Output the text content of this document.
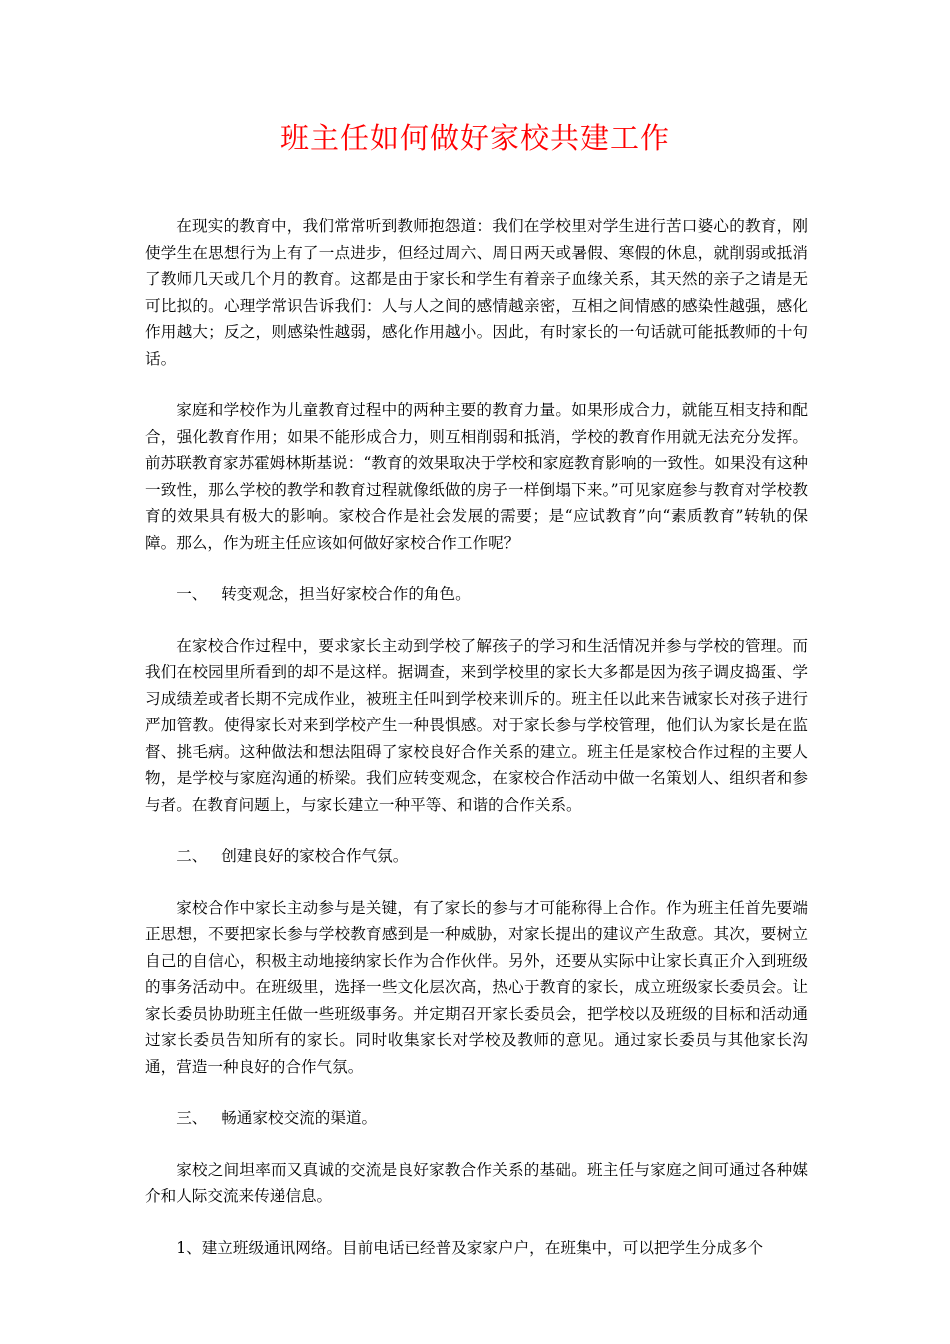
班主任如何做好家校共建工作

在现实的教育中，我们常常听到教师抱怨道：我们在学校里对学生进行苦口婆心的教育，刚使学生在思想行为上有了一点进步，但经过周六、周日两天或暑假、寒假的休息，就削弱或抵消了教师几天或几个月的教育。这都是由于家长和学生有着亲子血缘关系，其天然的亲子之请是无可比拟的。心理学常识告诉我们：人与人之间的感情越亲密，互相之间情感的感染性越强，感化作用越大；反之，则感染性越弱，感化作用越小。因此，有时家长的一句话就可能抵教师的十句话。

家庭和学校作为儿童教育过程中的两种主要的教育力量。如果形成合力，就能互相支持和配合，强化教育作用；如果不能形成合力，则互相削弱和抵消，学校的教育作用就无法充分发挥。前苏联教育家苏霍姆林斯基说：“教育的效果取决于学校和家庭教育影响的一致性。如果没有这种一致性，那么学校的教学和教育过程就像纸做的房子一样倒塌下来。”可见家庭参与教育对学校教育的效果具有极大的影响。家校合作是社会发展的需要；是“应试教育”向“素质教育”转轨的保障。那么，作为班主任应该如何做好家校合作工作呢？

一、 转变观念，担当好家校合作的角色。

在家校合作过程中，要求家长主动到学校了解孩子的学习和生活情况并参与学校的管理。而我们在校园里所看到的却不是这样。据调查，来到学校里的家长大多都是因为孩子调皮捣蛋、学习成绩差或者长期不完成作业，被班主任叫到学校来训斥的。班主任以此来告诫家长对孩子进行严加管教。使得家长对来到学校产生一种畏惧感。对于家长参与学校管理，他们认为家长是在监督、挑毛病。这种做法和想法阻碍了家校良好合作关系的建立。班主任是家校合作过程的主要人物，是学校与家庭沟通的桥梁。我们应转变观念，在家校合作活动中做一名策划人、组织者和参与者。在教育问题上，与家长建立一种平等、和谐的合作关系。

二、 创建良好的家校合作气氛。

家校合作中家长主动参与是关键，有了家长的参与才可能称得上合作。作为班主任首先要端正思想，不要把家长参与学校教育感到是一种威胁，对家长提出的建议产生敌意。其次，要树立自己的自信心，积极主动地接纳家长作为合作伙伴。另外，还要从实际中让家长真正介入到班级的事务活动中。在班级里，选择一些文化层次高，热心于教育的家长，成立班级家长委员会。让家长委员协助班主任做一些班级事务。并定期召开家长委员会，把学校以及班级的目标和活动通过家长委员告知所有的家长。同时收集家长对学校及教师的意见。通过家长委员与其他家长沟通，营造一种良好的合作气氛。

三、 畅通家校交流的渠道。

家校之间坦率而又真诚的交流是良好家教合作关系的基础。班主任与家庭之间可通过各种媒介和人际交流来传递信息。

1、建立班级通讯网络。目前电话已经普及家家户户，在班集中，可以把学生分成多个
